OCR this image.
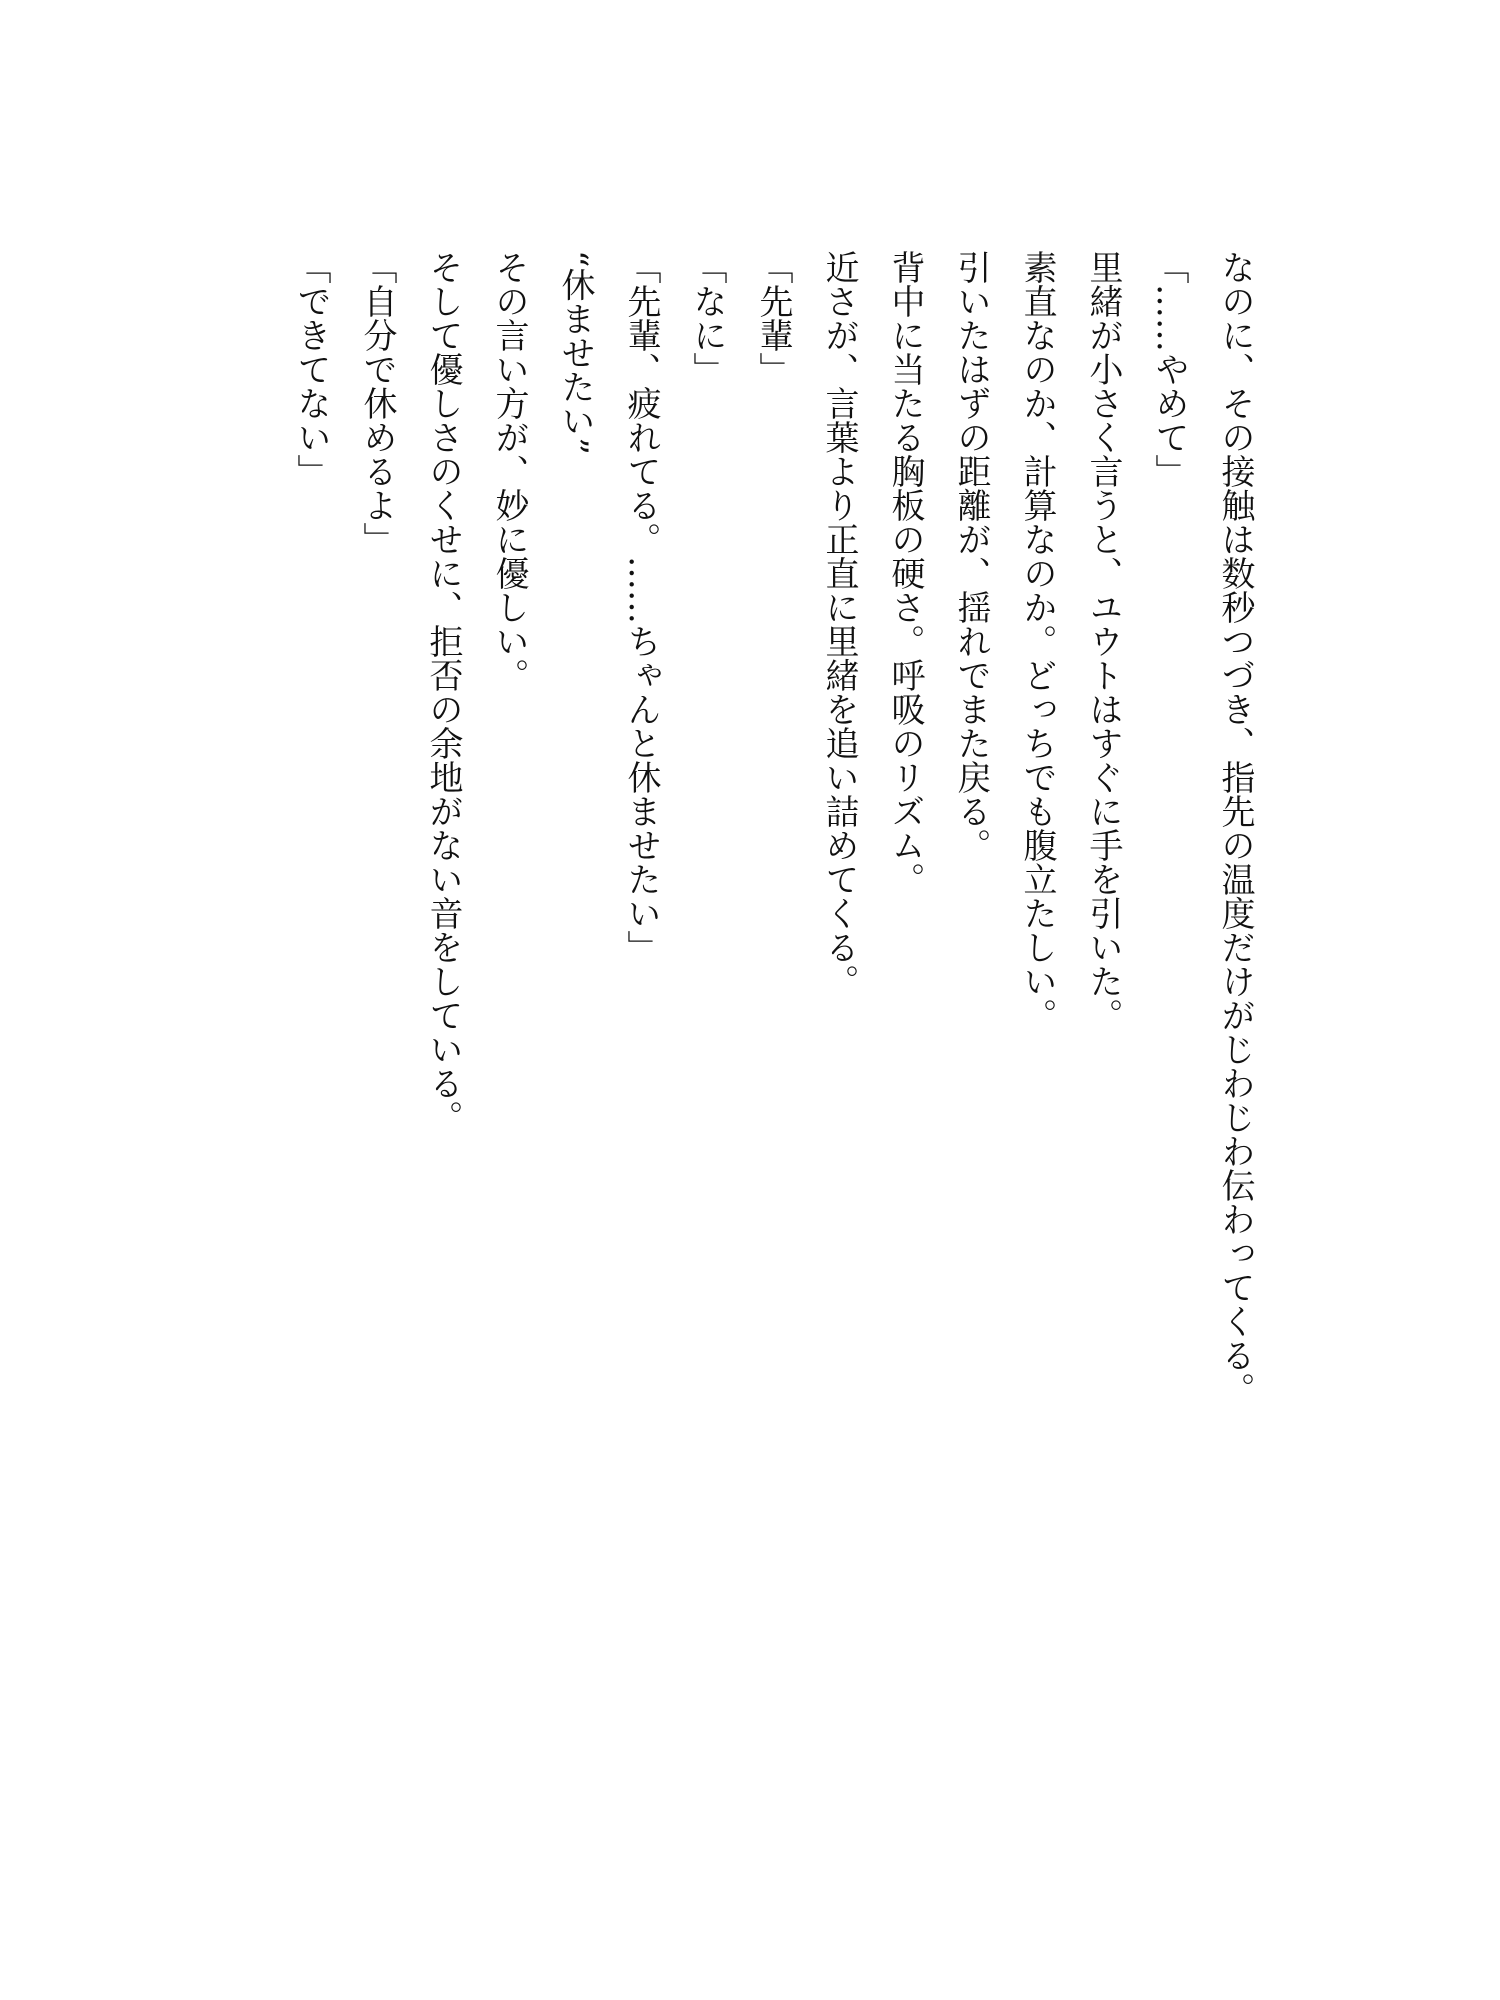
なのに、その接触は数秒つづき、指先の温度だけがじわじわ伝わってくる。
「……やめて」
里緒が小さく言うと、ユウトはすぐに手を引いた。
素直なのか、計算なのか。どっちでも腹立たしい。
引いたはずの距離が、揺れでまた戻る。
背中に当たる胸板の硬さ。呼吸のリズム。
近さが、言葉より正直に里緒を追い詰めてくる。
「先輩」
「なに」
「先輩、疲れてる。……ちゃんと休ませたい」
“休ませたい”
その言い方が、妙に優しい。
そして優しさのくせに、拒否の余地がない音をしている。
「自分で休めるよ」
「できてない」
